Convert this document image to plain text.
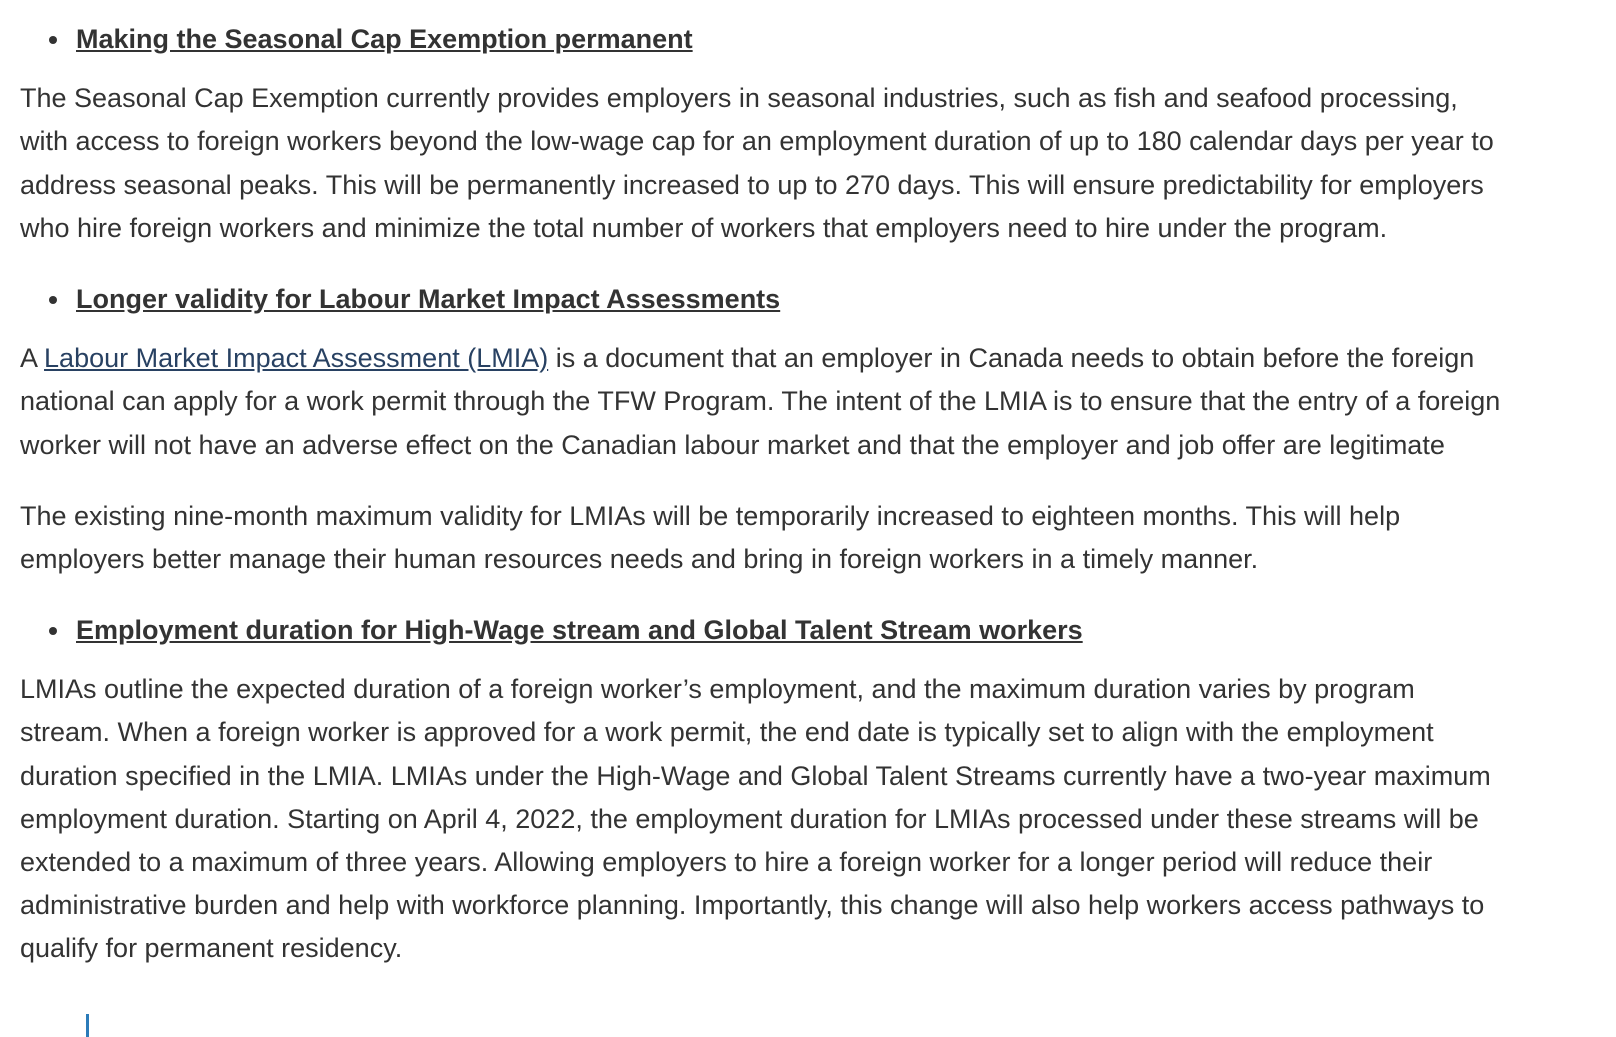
• Making the Seasonal Cap Exemption permanent

The Seasonal Cap Exemption currently provides employers in seasonal industries, such as fish and seafood processing, with access to foreign workers beyond the low-wage cap for an employment duration of up to 180 calendar days per year to address seasonal peaks. This will be permanently increased to up to 270 days. This will ensure predictability for employers who hire foreign workers and minimize the total number of workers that employers need to hire under the program.

• Longer validity for Labour Market Impact Assessments

A Labour Market Impact Assessment (LMIA) is a document that an employer in Canada needs to obtain before the foreign national can apply for a work permit through the TFW Program. The intent of the LMIA is to ensure that the entry of a foreign worker will not have an adverse effect on the Canadian labour market and that the employer and job offer are legitimate

The existing nine-month maximum validity for LMIAs will be temporarily increased to eighteen months. This will help employers better manage their human resources needs and bring in foreign workers in a timely manner.

• Employment duration for High-Wage stream and Global Talent Stream workers

LMIAs outline the expected duration of a foreign worker’s employment, and the maximum duration varies by program stream. When a foreign worker is approved for a work permit, the end date is typically set to align with the employment duration specified in the LMIA. LMIAs under the High-Wage and Global Talent Streams currently have a two-year maximum employment duration. Starting on April 4, 2022, the employment duration for LMIAs processed under these streams will be extended to a maximum of three years. Allowing employers to hire a foreign worker for a longer period will reduce their administrative burden and help with workforce planning. Importantly, this change will also help workers access pathways to qualify for permanent residency.
